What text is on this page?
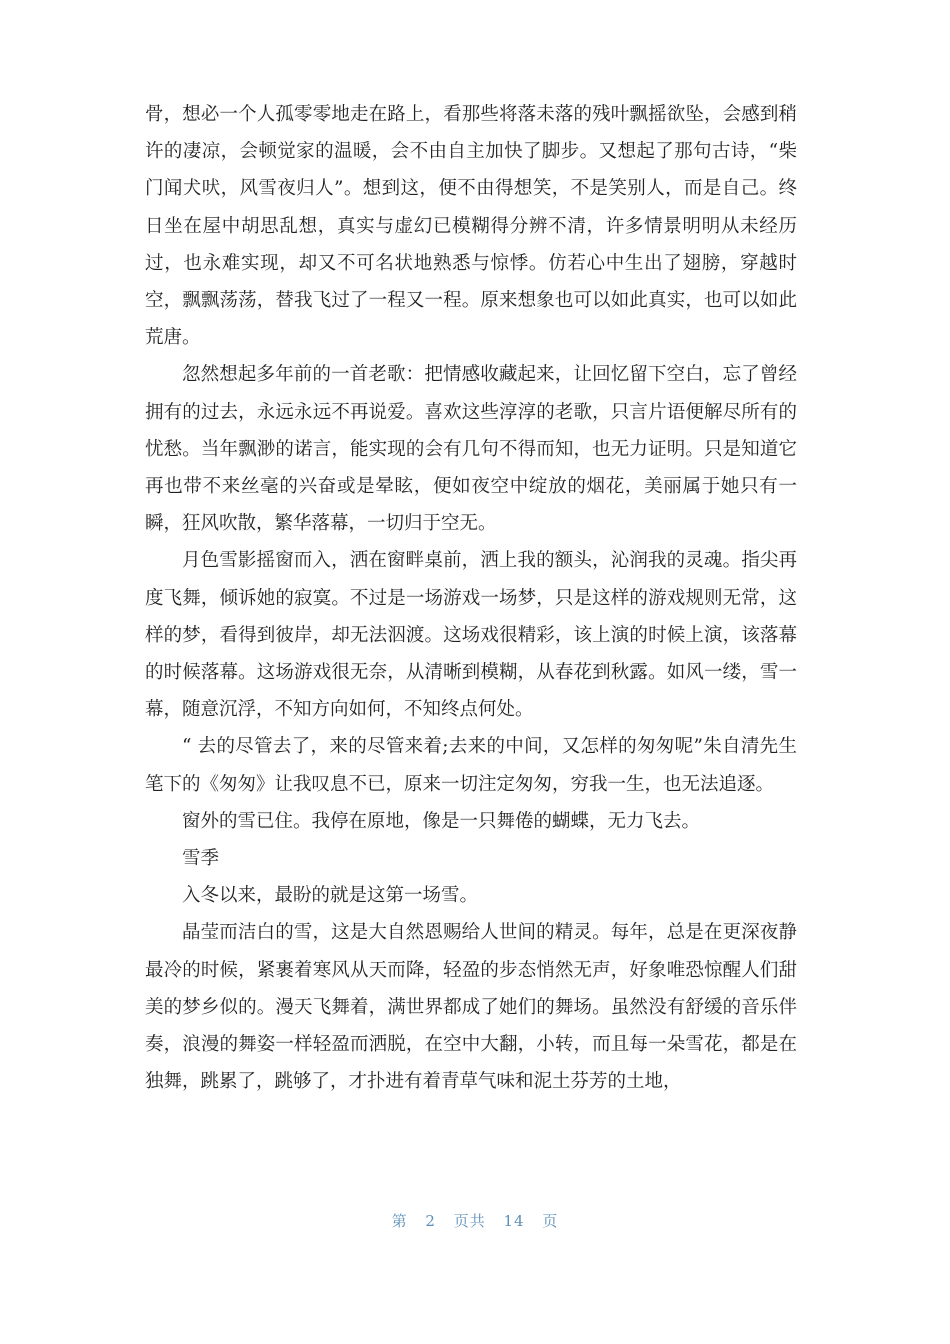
骨，想必一个人孤零零地走在路上，看那些将落未落的残叶飘摇欲坠，会感到稍许的凄凉，会顿觉家的温暖，会不由自主加快了脚步。又想起了那句古诗，“柴门闻犬吠，风雪夜归人”。想到这，便不由得想笑，不是笑别人，而是自己。终日坐在屋中胡思乱想，真实与虚幻已模糊得分辨不清，许多情景明明从未经历过，也永难实现，却又不可名状地熟悉与惊悸。仿若心中生出了翅膀，穿越时空，飘飘荡荡，替我飞过了一程又一程。原来想象也可以如此真实，也可以如此荒唐。

忽然想起多年前的一首老歌：把情感收藏起来，让回忆留下空白，忘了曾经拥有的过去，永远永远不再说爱。喜欢这些淳淳的老歌，只言片语便解尽所有的忧愁。当年飘渺的诺言，能实现的会有几句不得而知，也无力证明。只是知道它再也带不来丝毫的兴奋或是晕眩，便如夜空中绽放的烟花，美丽属于她只有一瞬，狂风吹散，繁华落幕，一切归于空无。

月色雪影摇窗而入，洒在窗畔桌前，洒上我的额头，沁润我的灵魂。指尖再度飞舞，倾诉她的寂寞。不过是一场游戏一场梦，只是这样的游戏规则无常，这样的梦，看得到彼岸，却无法泅渡。这场戏很精彩，该上演的时候上演，该落幕的时候落幕。这场游戏很无奈，从清晰到模糊，从春花到秋露。如风一缕，雪一幕，随意沉浮，不知方向如何，不知终点何处。

“ 去的尽管去了，来的尽管来着;去来的中间，又怎样的匆匆呢”朱自清先生笔下的《匆匆》让我叹息不已，原来一切注定匆匆，穷我一生，也无法追逐。

窗外的雪已住。我停在原地，像是一只舞倦的蝴蝶，无力飞去。

雪季

入冬以来，最盼的就是这第一场雪。

晶莹而洁白的雪，这是大自然恩赐给人世间的精灵。每年，总是在更深夜静最冷的时候，紧裹着寒风从天而降，轻盈的步态悄然无声，好象唯恐惊醒人们甜美的梦乡似的。漫天飞舞着，满世界都成了她们的舞场。虽然没有舒缓的音乐伴奏，浪漫的舞姿一样轻盈而洒脱，在空中大翻，小转，而且每一朵雪花，都是在独舞，跳累了，跳够了，才扑进有着青草气味和泥土芬芳的土地，

第 2 页共 14 页
